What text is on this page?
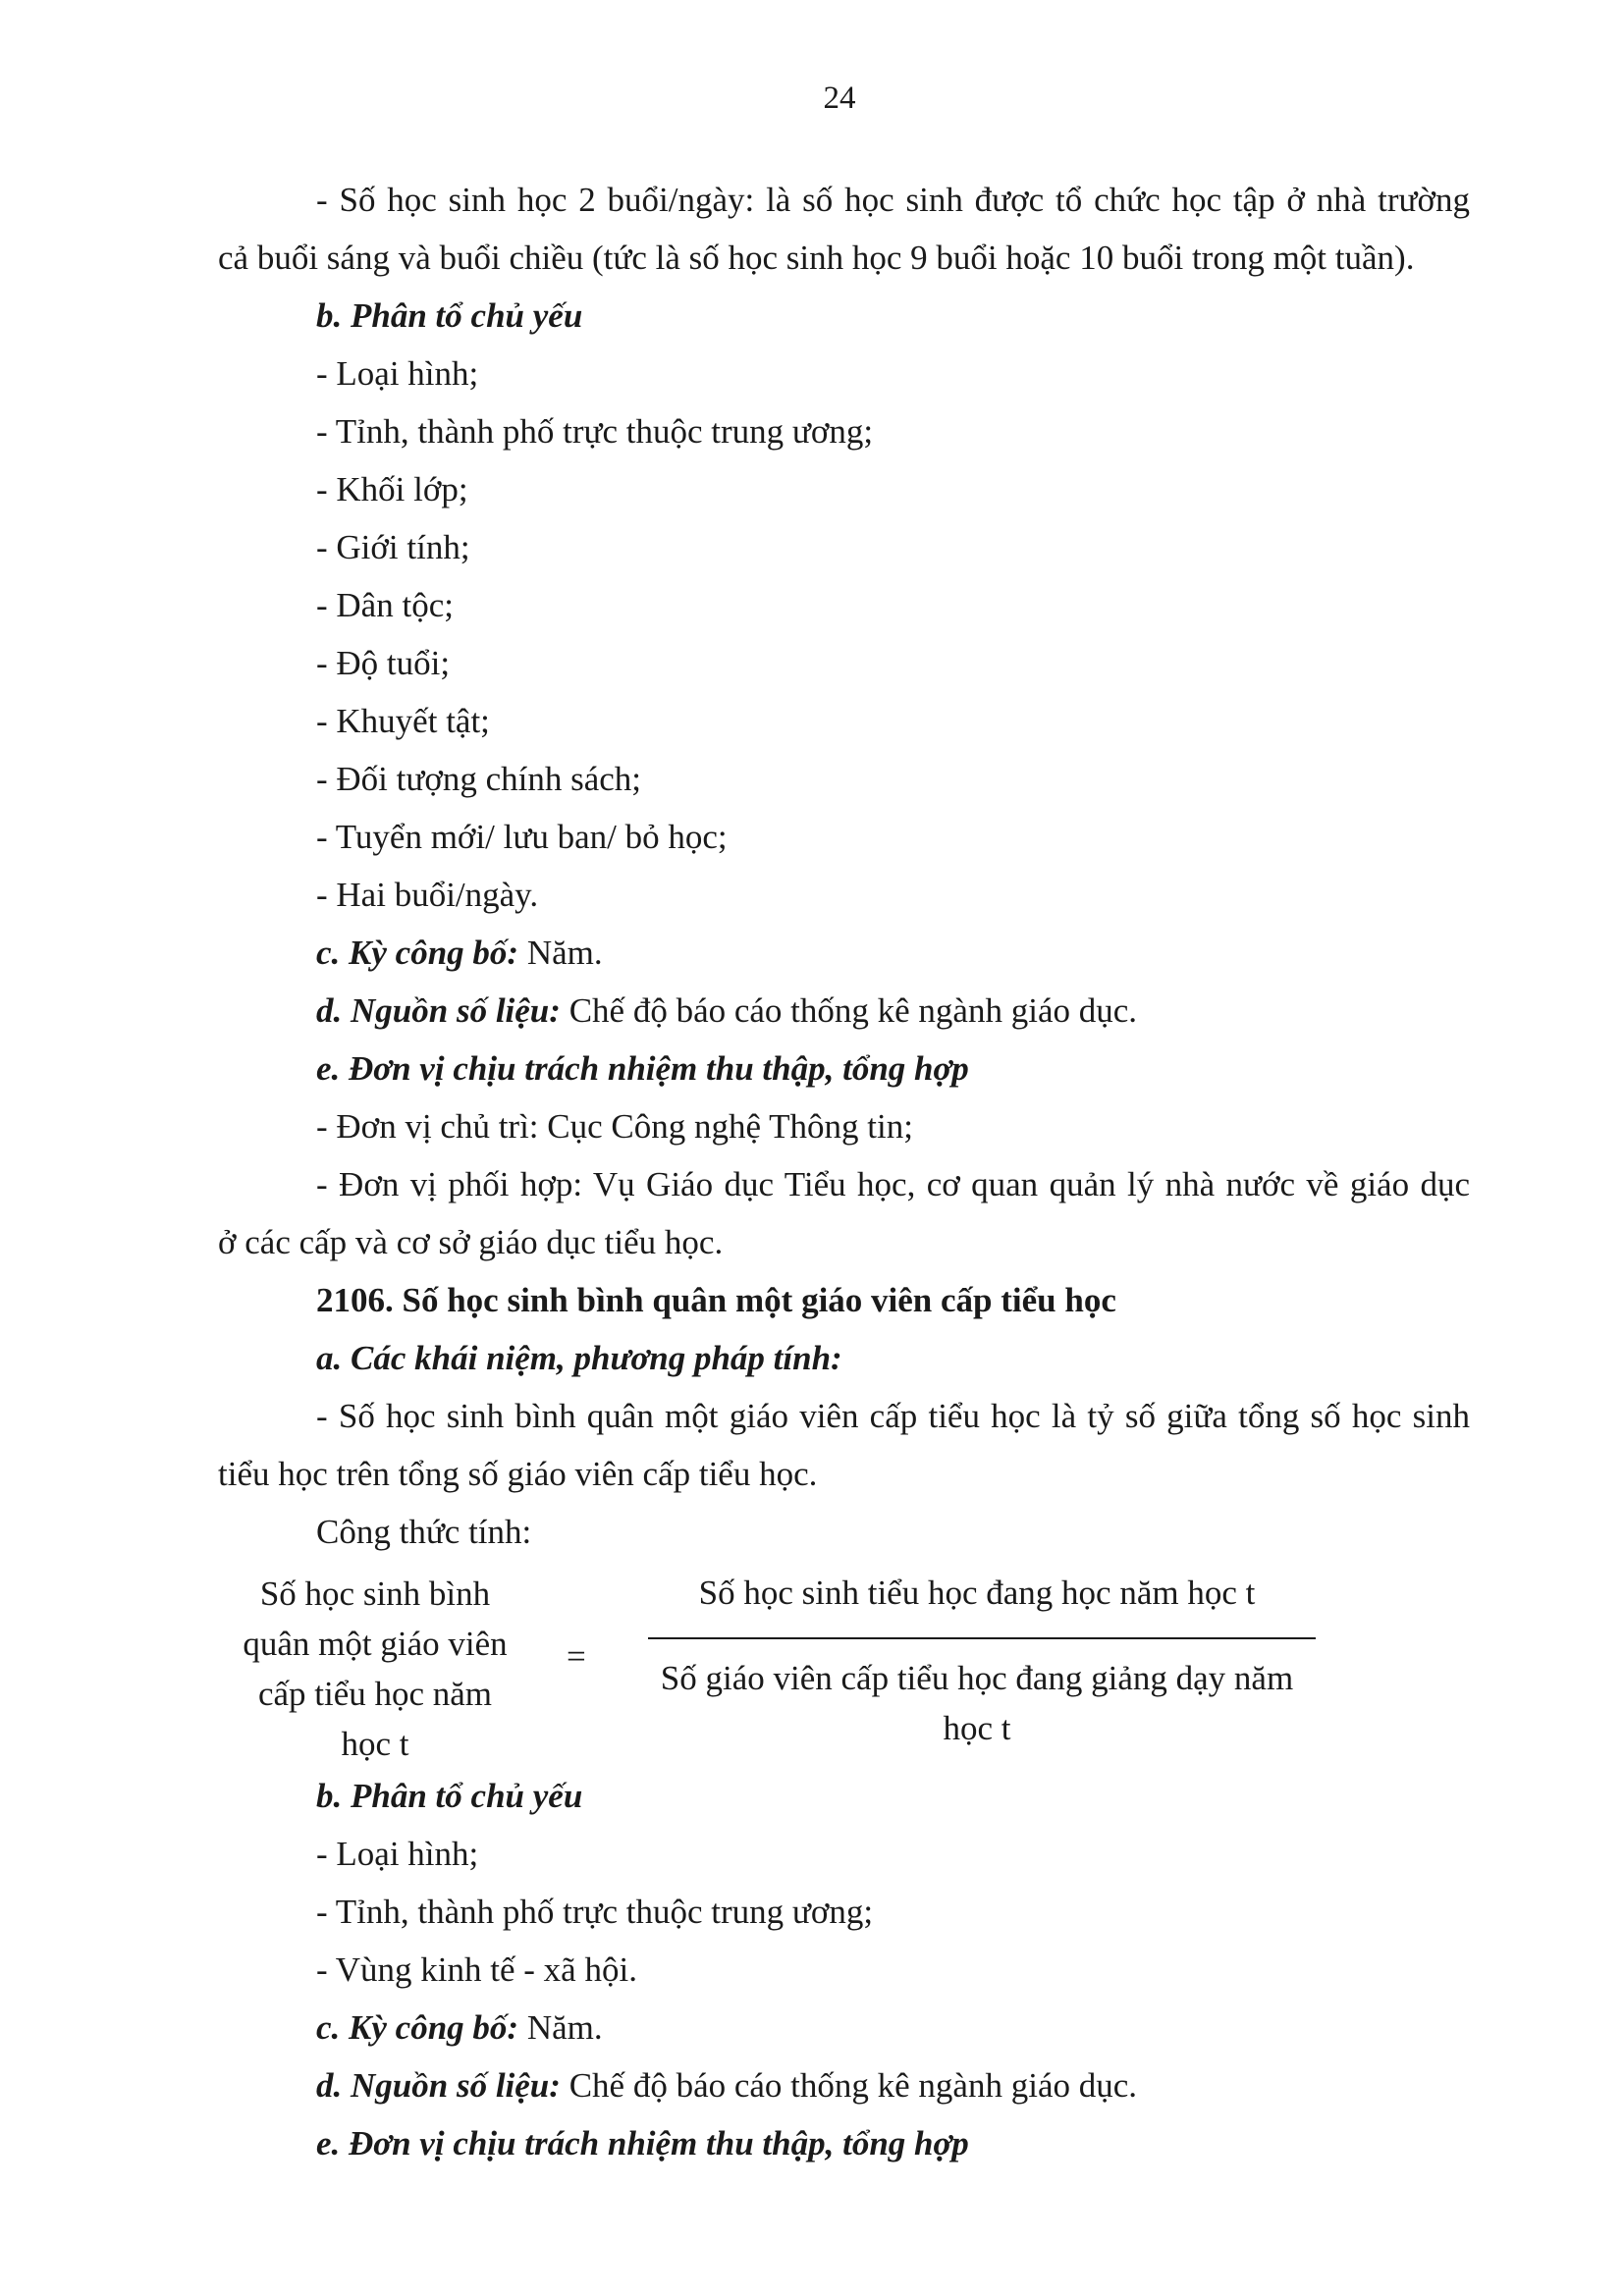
24
- Số học sinh học 2 buổi/ngày: là số học sinh được tổ chức học tập ở nhà trường
cả buổi sáng và buổi chiều (tức là số học sinh học 9 buổi hoặc 10 buổi trong một tuần).
b. Phân tổ chủ yếu
- Loại hình;
- Tỉnh, thành phố trực thuộc trung ương;
- Khối lớp;
- Giới tính;
- Dân tộc;
- Độ tuổi;
- Khuyết tật;
- Đối tượng chính sách;
- Tuyển mới/ lưu ban/ bỏ học;
- Hai buổi/ngày.
c. Kỳ công bố: Năm.
d. Nguồn số liệu: Chế độ báo cáo thống kê ngành giáo dục.
e. Đơn vị chịu trách nhiệm thu thập, tổng hợp
- Đơn vị chủ trì: Cục Công nghệ Thông tin;
- Đơn vị phối hợp: Vụ Giáo dục Tiểu học, cơ quan quản lý nhà nước về giáo dục
ở các cấp và cơ sở giáo dục tiểu học.
2106. Số học sinh bình quân một giáo viên cấp tiểu học
a. Các khái niệm, phương pháp tính:
- Số học sinh bình quân một giáo viên cấp tiểu học là tỷ số giữa tổng số học sinh
tiểu học trên tổng số giáo viên cấp tiểu học.
Công thức tính:
Số học sinh bình
quân một giáo viên
cấp tiểu học năm
học t
=
Số học sinh tiểu học đang học năm học t
Số giáo viên cấp tiểu học đang giảng dạy năm
học t
b. Phân tổ chủ yếu
- Loại hình;
- Tỉnh, thành phố trực thuộc trung ương;
- Vùng kinh tế - xã hội.
c. Kỳ công bố: Năm.
d. Nguồn số liệu: Chế độ báo cáo thống kê ngành giáo dục.
e. Đơn vị chịu trách nhiệm thu thập, tổng hợp
